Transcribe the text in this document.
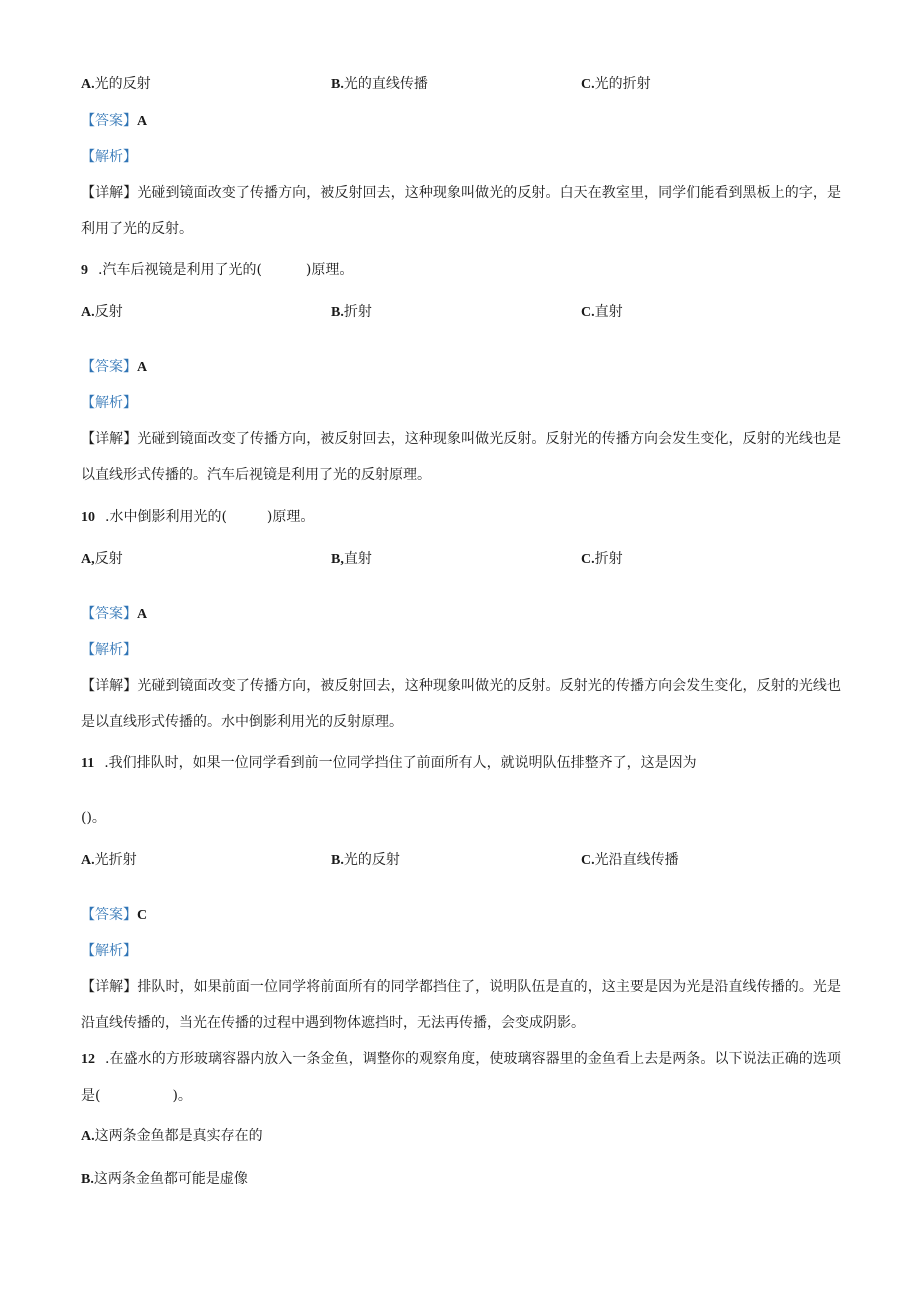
A.光的反射	B.光的直线传播	C.光的折射
【答案】A
【解析】
【详解】光碰到镜面改变了传播方向，被反射回去，这种现象叫做光的反射。白天在教室里，同学们能看到黑板上的字，是利用了光的反射。
9 .汽车后视镜是利用了光的(	)原理。
A.反射	B.折射	C.直射
【答案】A
【解析】
【详解】光碰到镜面改变了传播方向，被反射回去，这种现象叫做光反射。反射光的传播方向会发生变化，反射的光线也是以直线形式传播的。汽车后视镜是利用了光的反射原理。
10 .水中倒影利用光的(	)原理。
A,反射	B,直射	C.折射
【答案】A
【解析】
【详解】光碰到镜面改变了传播方向，被反射回去，这种现象叫做光的反射。反射光的传播方向会发生变化，反射的光线也是以直线形式传播的。水中倒影利用光的反射原理。
11 .我们排队时，如果一位同学看到前一位同学挡住了前面所有人，就说明队伍排整齐了，这是因为
()。
A.光折射	B.光的反射	C.光沿直线传播
【答案】C
【解析】
【详解】排队时，如果前面一位同学将前面所有的同学都挡住了，说明队伍是直的，这主要是因为光是沿直线传播的。光是沿直线传播的，当光在传播的过程中遇到物体遮挡时，无法再传播，会变成阴影。
12 .在盛水的方形玻璃容器内放入一条金鱼，调整你的观察角度，使玻璃容器里的金鱼看上去是两条。以下说法正确的选项是(	)。
A.这两条金鱼都是真实存在的
B.这两条金鱼都可能是虚像
